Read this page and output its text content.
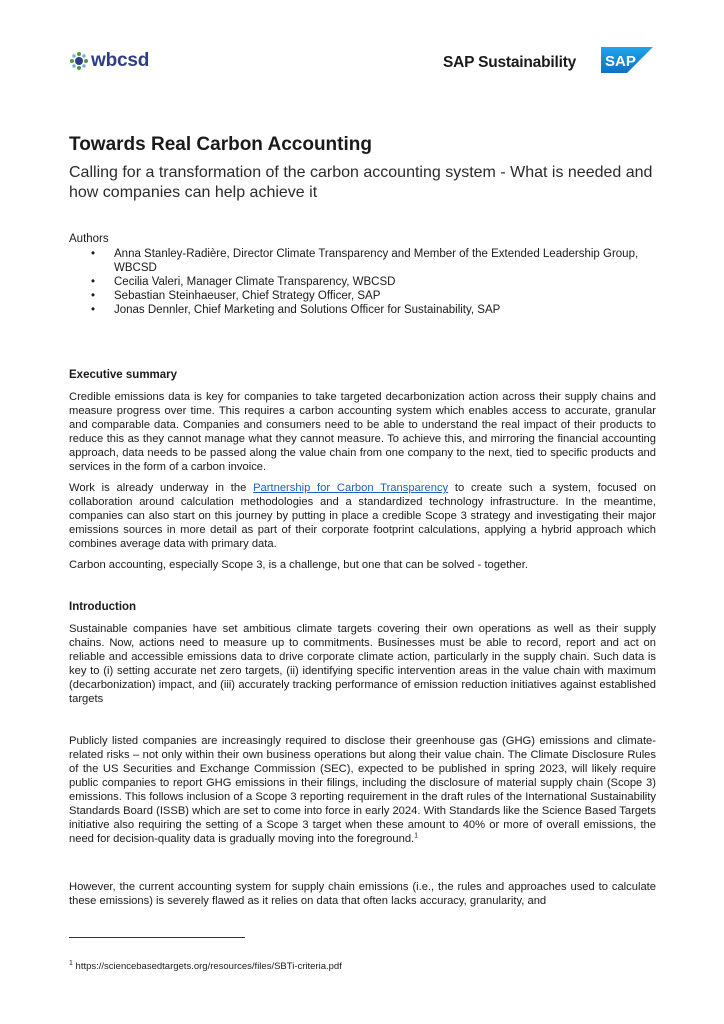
wbcsd	SAP Sustainability SAP
Towards Real Carbon Accounting

Calling for a transformation of the carbon accounting system - What is needed and how companies can help achieve it

Authors
• Anna Stanley-Radière, Director Climate Transparency and Member of the Extended Leadership Group, WBCSD
• Cecilia Valeri, Manager Climate Transparency, WBCSD
• Sebastian Steinhaeuser, Chief Strategy Officer, SAP
• Jonas Dennler, Chief Marketing and Solutions Officer for Sustainability, SAP
Executive summary

Credible emissions data is key for companies to take targeted decarbonization action across their supply chains and measure progress over time. This requires a carbon accounting system which enables access to accurate, granular and comparable data. Companies and consumers need to be able to understand the real impact of their products to reduce this as they cannot manage what they cannot measure. To achieve this, and mirroring the financial accounting approach, data needs to be passed along the value chain from one company to the next, tied to specific products and services in the form of a carbon invoice.

Work is already underway in the Partnership for Carbon Transparency to create such a system, focused on collaboration around calculation methodologies and a standardized technology infrastructure. In the meantime, companies can also start on this journey by putting in place a credible Scope 3 strategy and investigating their major emissions sources in more detail as part of their corporate footprint calculations, applying a hybrid approach which combines average data with primary data.

Carbon accounting, especially Scope 3, is a challenge, but one that can be solved - together.

Introduction

Sustainable companies have set ambitious climate targets covering their own operations as well as their supply chains. Now, actions need to measure up to commitments. Businesses must be able to record, report and act on reliable and accessible emissions data to drive corporate climate action, particularly in the supply chain. Such data is key to (i) setting accurate net zero targets, (ii) identifying specific intervention areas in the value chain with maximum (decarbonization) impact, and (iii) accurately tracking performance of emission reduction initiatives against established targets

Publicly listed companies are increasingly required to disclose their greenhouse gas (GHG) emissions and climate-related risks – not only within their own business operations but along their value chain. The Climate Disclosure Rules of the US Securities and Exchange Commission (SEC), expected to be published in spring 2023, will likely require public companies to report GHG emissions in their filings, including the disclosure of material supply chain (Scope 3) emissions. This follows inclusion of a Scope 3 reporting requirement in the draft rules of the International Sustainability Standards Board (ISSB) which are set to come into force in early 2024. With Standards like the Science Based Targets initiative also requiring the setting of a Scope 3 target when these amount to 40% or more of overall emissions, the need for decision-quality data is gradually moving into the foreground.$^1$

However, the current accounting system for supply chain emissions (i.e., the rules and approaches used to calculate these emissions) is severely flawed as it relies on data that often lacks accuracy, granularity, and

$^1$ https://sciencebasedtargets.org/resources/files/SBTi-criteria.pdf
